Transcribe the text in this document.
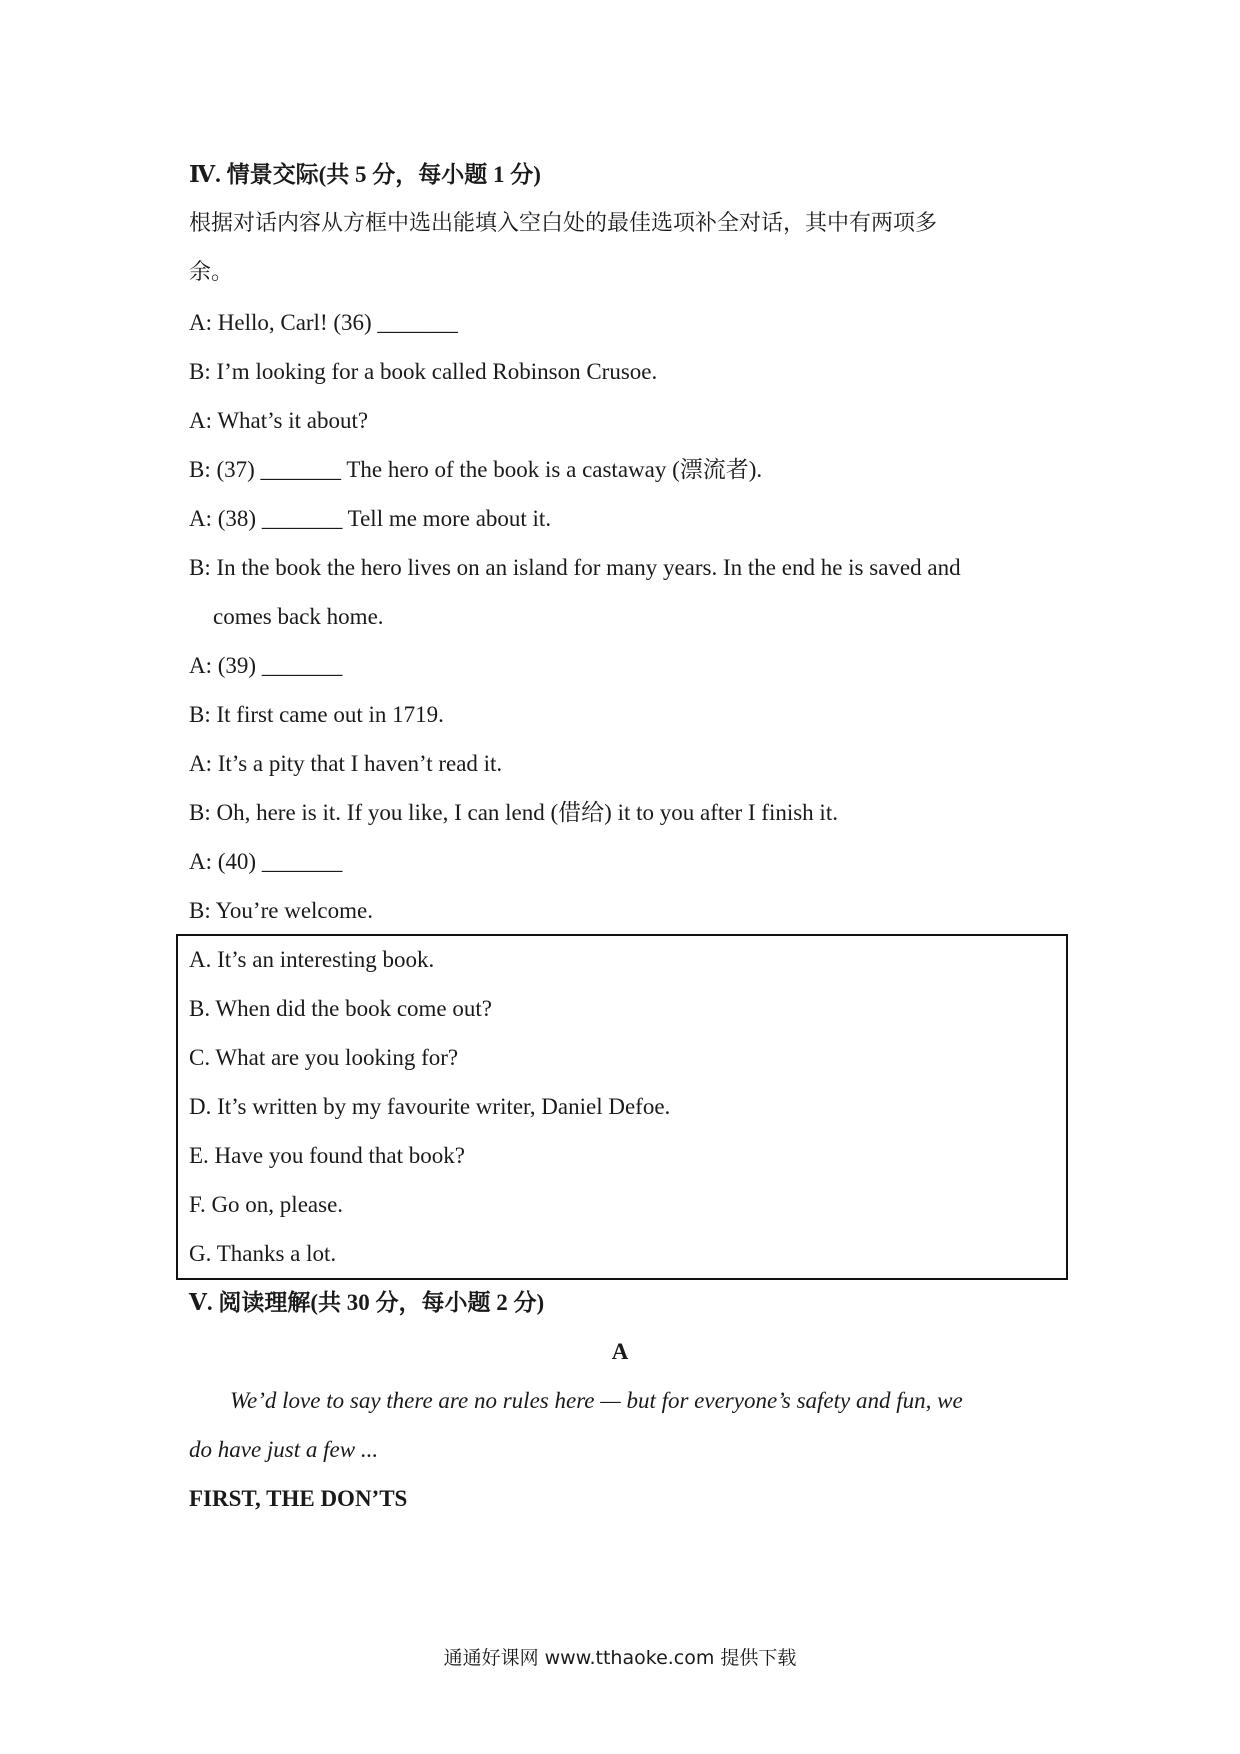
Ⅳ. 情景交际(共 5 分，每小题 1 分)
根据对话内容从方框中选出能填入空白处的最佳选项补全对话，其中有两项多
余。
A: Hello, Carl! (36) _______
B: I’m looking for a book called Robinson Crusoe.
A: What’s it about?
B: (37) _______ The hero of the book is a castaway (漂流者).
A: (38) _______ Tell me more about it.
B: In the book the hero lives on an island for many years. In the end he is saved and
comes back home.
A: (39) _______
B: It first came out in 1719.
A: It’s a pity that I haven’t read it.
B: Oh, here is it. If you like, I can lend (借给) it to you after I finish it.
A: (40) _______
B: You’re welcome.
A. It’s an interesting book.
B. When did the book come out?
C. What are you looking for?
D. It’s written by my favourite writer, Daniel Defoe.
E. Have you found that book?
F. Go on, please.
G. Thanks a lot.
Ⅴ. 阅读理解(共 30 分，每小题 2 分)
A
We’d love to say there are no rules here — but for everyone’s safety and fun, we
do have just a few ...
FIRST, THE DON’TS
通通好课网 www.tthaoke.com 提供下载
